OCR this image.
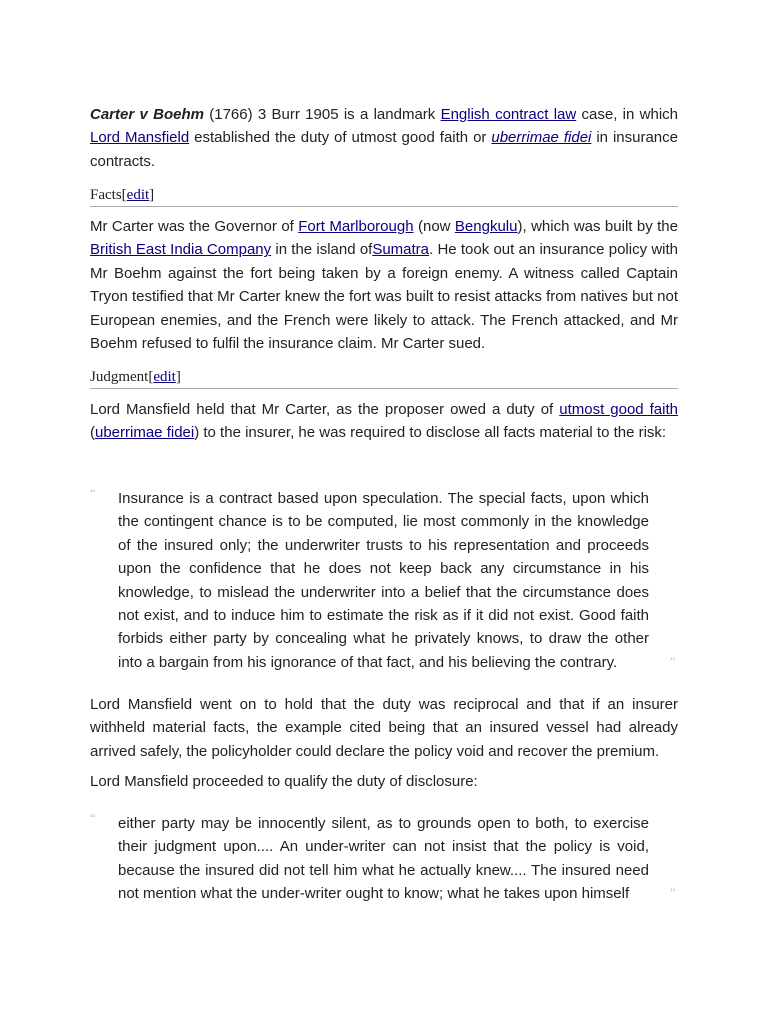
Carter v Boehm (1766) 3 Burr 1905 is a landmark English contract law case, in which Lord Mansfield established the duty of utmost good faith or uberrimae fidei in insurance contracts.

Facts[edit]

Mr Carter was the Governor of Fort Marlborough (now Bengkulu), which was built by the British East India Company in the island ofSumatra. He took out an insurance policy with Mr Boehm against the fort being taken by a foreign enemy. A witness called Captain Tryon testified that Mr Carter knew the fort was built to resist attacks from natives but not European enemies, and the French were likely to attack. The French attacked, and Mr Boehm refused to fulfil the insurance claim. Mr Carter sued.

Judgment[edit]

Lord Mansfield held that Mr Carter, as the proposer owed a duty of utmost good faith (uberrimae fidei) to the insurer, he was required to disclose all facts material to the risk:

“ Insurance is a contract based upon speculation. The special facts, upon which the contingent chance is to be computed, lie most commonly in the knowledge of the insured only; the underwriter trusts to his representation and proceeds upon the confidence that he does not keep back any circumstance in his knowledge, to mislead the underwriter into a belief that the circumstance does not exist, and to induce him to estimate the risk as if it did not exist. Good faith forbids either party by concealing what he privately knows, to draw the other into a bargain from his ignorance of that fact, and his believing the contrary.	”

Lord Mansfield went on to hold that the duty was reciprocal and that if an insurer withheld material facts, the example cited being that an insured vessel had already arrived safely, the policyholder could declare the policy void and recover the premium.

Lord Mansfield proceeded to qualify the duty of disclosure:

“ either party may be innocently silent, as to grounds open to both, to exercise their judgment upon.... An under-writer can not insist that the policy is void, because the insured did not tell him what he actually knew.... The insured need not mention what the under-writer ought to know; what he takes upon himself	”
